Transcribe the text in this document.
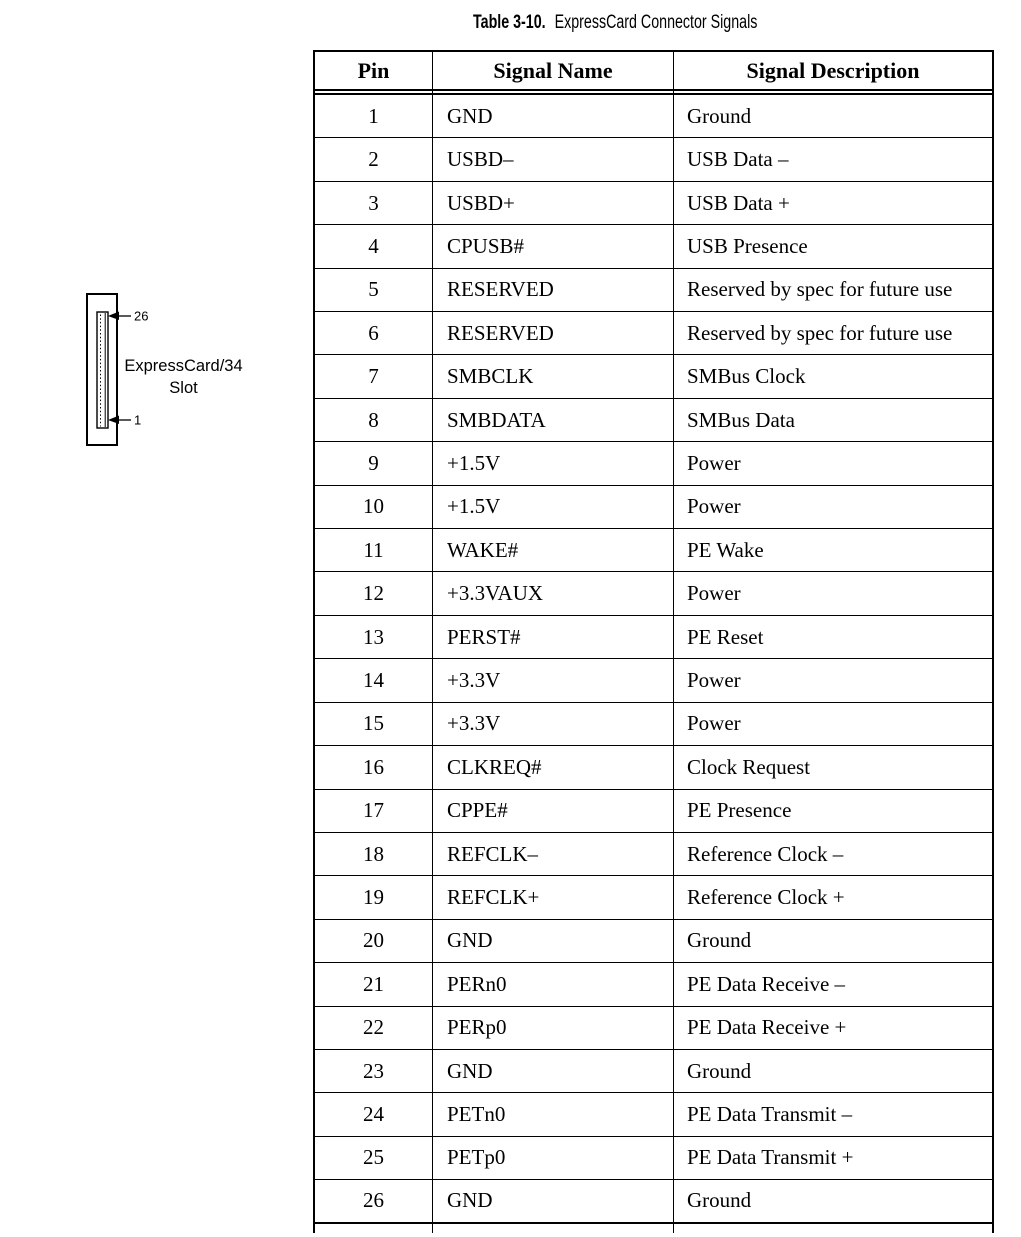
Table 3-10. ExpressCard Connector Signals
26
1
ExpressCard/34
Slot
Pin	Signal Name	Signal Description
1	GND	Ground
2	USBD–	USB Data –
3	USBD+	USB Data +
4	CPUSB#	USB Presence
5	RESERVED	Reserved by spec for future use
6	RESERVED	Reserved by spec for future use
7	SMBCLK	SMBus Clock
8	SMBDATA	SMBus Data
9	+1.5V	Power
10	+1.5V	Power
11	WAKE#	PE Wake
12	+3.3VAUX	Power
13	PERST#	PE Reset
14	+3.3V	Power
15	+3.3V	Power
16	CLKREQ#	Clock Request
17	CPPE#	PE Presence
18	REFCLK–	Reference Clock –
19	REFCLK+	Reference Clock +
20	GND	Ground
21	PERn0	PE Data Receive –
22	PERp0	PE Data Receive +
23	GND	Ground
24	PETn0	PE Data Transmit –
25	PETp0	PE Data Transmit +
26	GND	Ground
